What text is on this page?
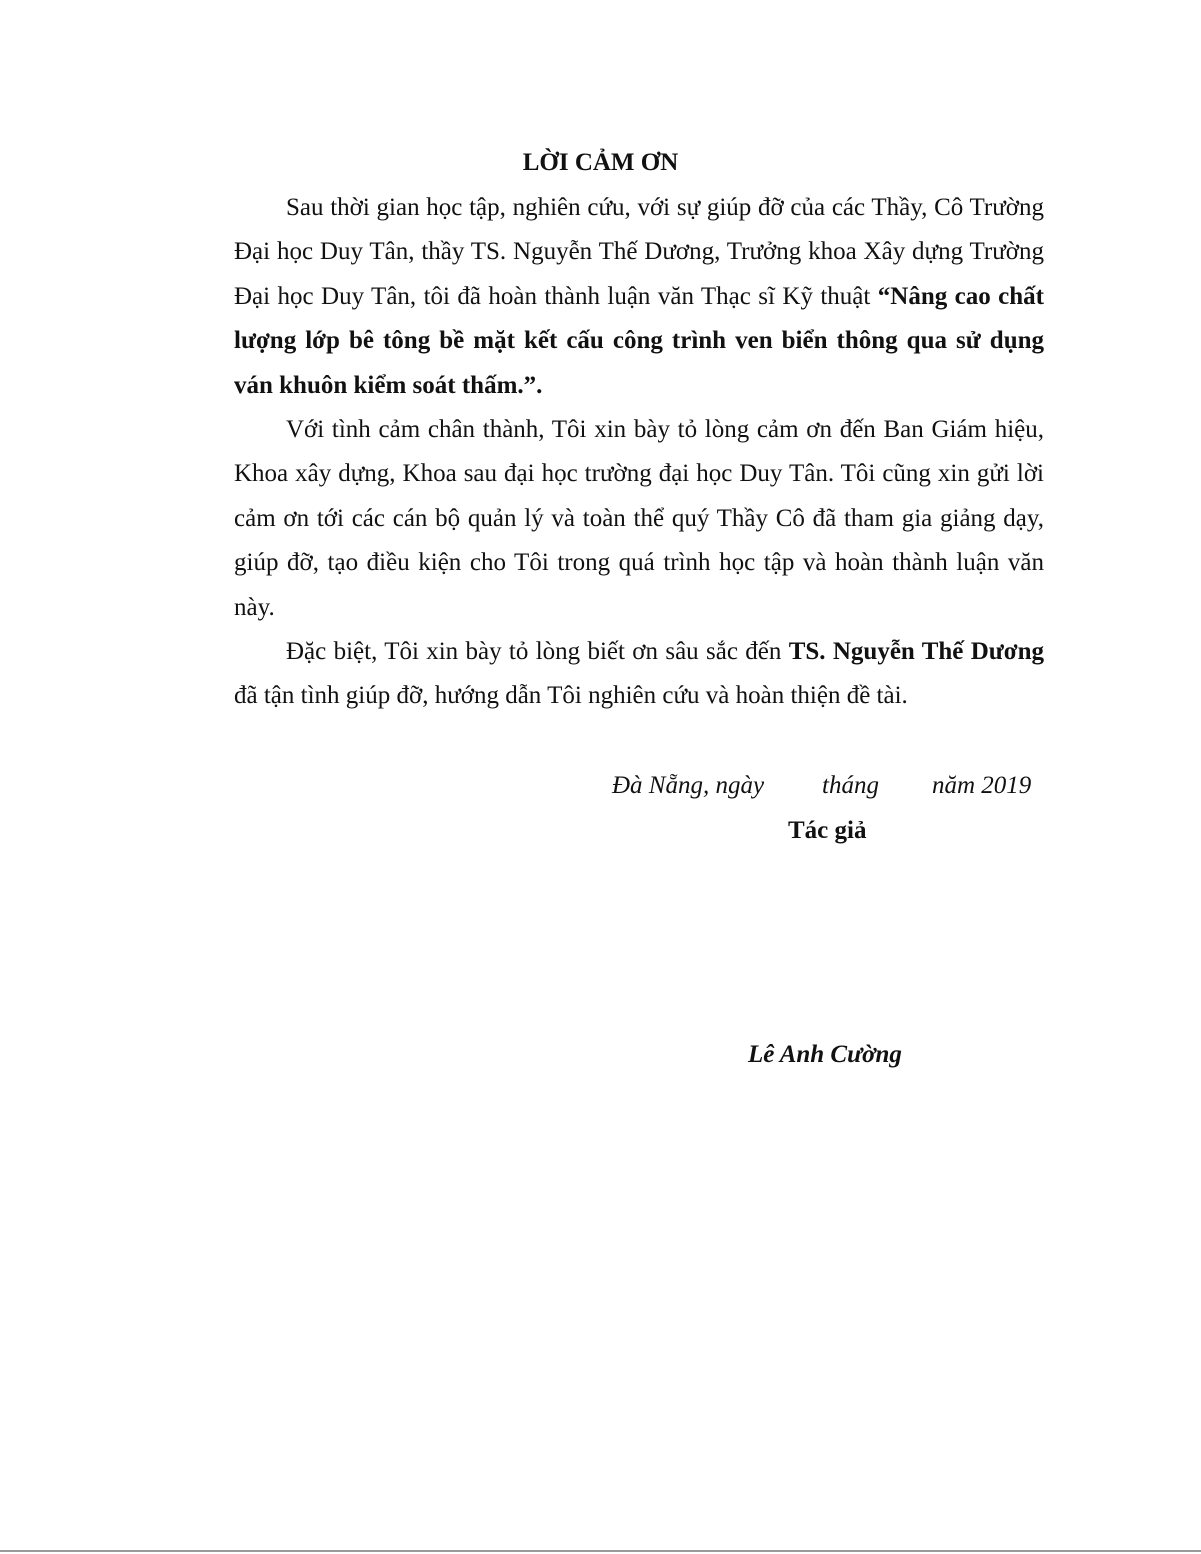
LỜI CẢM ƠN

Sau thời gian học tập, nghiên cứu, với sự giúp đỡ của các Thầy, Cô Trường Đại học Duy Tân, thầy TS. Nguyễn Thế Dương, Trưởng khoa Xây dựng Trường Đại học Duy Tân, tôi đã hoàn thành luận văn Thạc sĩ Kỹ thuật “Nâng cao chất lượng lớp bê tông bề mặt kết cấu công trình ven biển thông qua sử dụng ván khuôn kiểm soát thấm.”.

Với tình cảm chân thành, Tôi xin bày tỏ lòng cảm ơn đến Ban Giám hiệu, Khoa xây dựng, Khoa sau đại học trường đại học Duy Tân. Tôi cũng xin gửi lời cảm ơn tới các cán bộ quản lý và toàn thể quý Thầy Cô đã tham gia giảng dạy, giúp đỡ, tạo điều kiện cho Tôi trong quá trình học tập và hoàn thành luận văn này.

Đặc biệt, Tôi xin bày tỏ lòng biết ơn sâu sắc đến TS. Nguyễn Thế Dương đã tận tình giúp đỡ, hướng dẫn Tôi nghiên cứu và hoàn thiện đề tài.

Đà Nẵng, ngày tháng năm 2019

Tác giả

Lê Anh Cường
